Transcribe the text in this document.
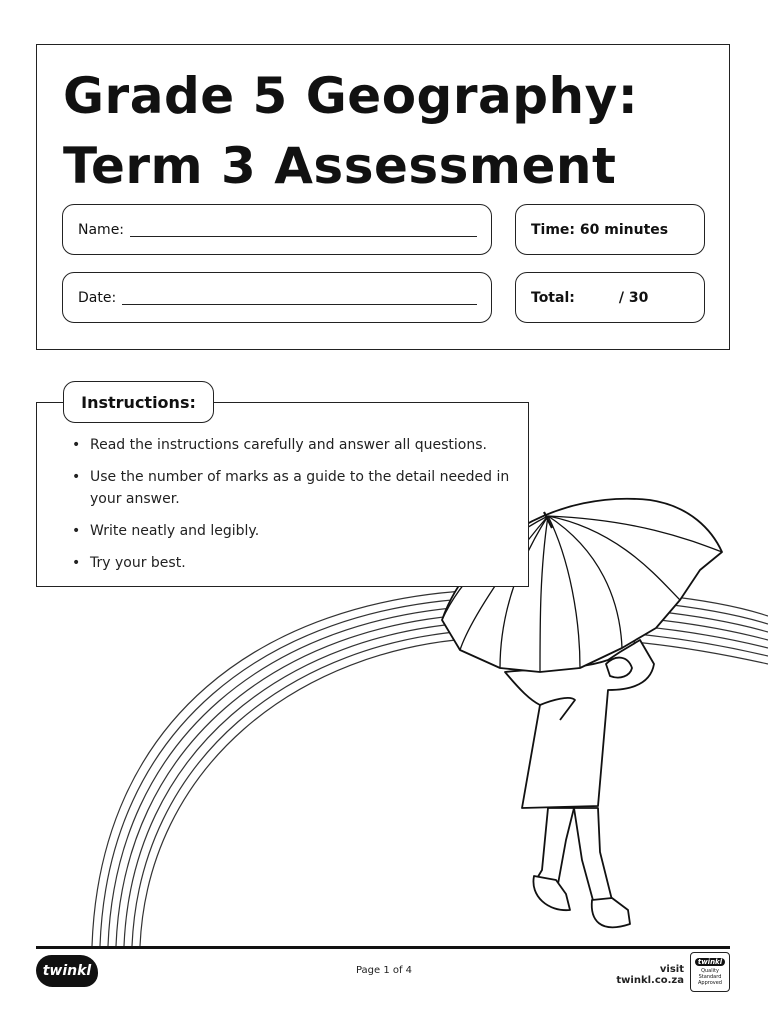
Grade 5 Geography:
Term 3 Assessment
Name:
Date:
Time: 60 minutes
Total:	/ 30
Instructions:
• Read the instructions carefully and answer all questions.
• Use the number of marks as a guide to the detail needed in your answer.
• Write neatly and legibly.
• Try your best.
twinkl	Page 1 of 4	visit twinkl.co.za
twinkl
Quality Standard
Approved
